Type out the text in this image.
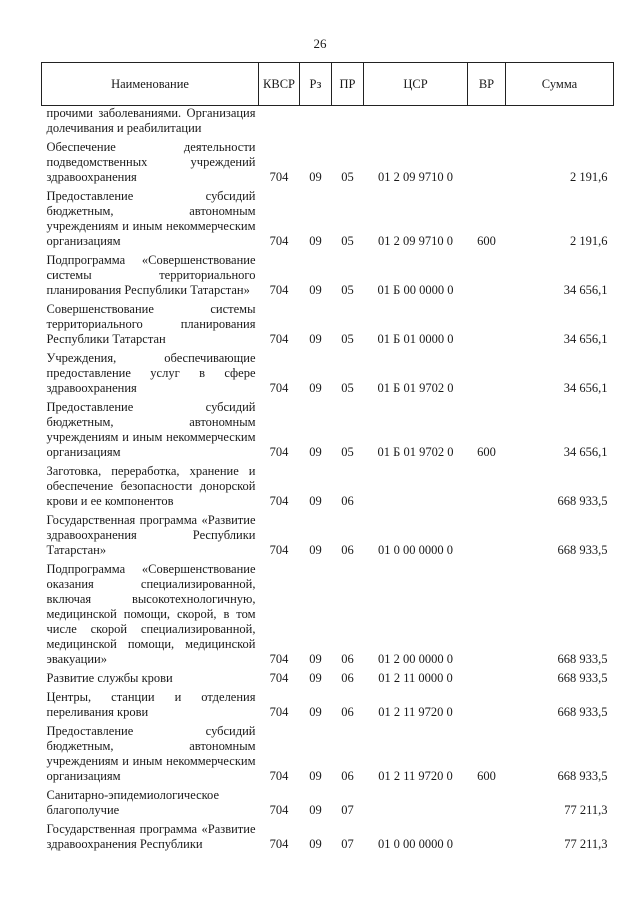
26
Наименование	КВСР	Рз	ПР	ЦСР	ВР	Сумма
прочими заболеваниями. Организация долечивания и реабилитации						
Обеспечение деятельности подведомственных учреждений здравоохранения	704	09	05	01 2 09 9710 0		2 191,6
Предоставление субсидий бюджетным, автономным учреждениям и иным некоммерческим организациям	704	09	05	01 2 09 9710 0	600	2 191,6
Подпрограмма «Совершенствование системы территориального планирования Республики Татарстан»	704	09	05	01 Б 00 0000 0		34 656,1
Совершенствование системы территориального планирования Республики Татарстан	704	09	05	01 Б 01 0000 0		34 656,1
Учреждения, обеспечивающие предоставление услуг в сфере здравоохранения	704	09	05	01 Б 01 9702 0		34 656,1
Предоставление субсидий бюджетным, автономным учреждениям и иным некоммерческим организациям	704	09	05	01 Б 01 9702 0	600	34 656,1
Заготовка, переработка, хранение и обеспечение безопасности донорской крови и ее компонентов	704	09	06			668 933,5
Государственная программа «Развитие здравоохранения Республики Татарстан»	704	09	06	01 0 00 0000 0		668 933,5
Подпрограмма «Совершенствование оказания специализированной, включая высокотехнологичную, медицинской помощи, скорой, в том числе скорой специализированной, медицинской помощи, медицинской эвакуации»	704	09	06	01 2 00 0000 0		668 933,5
Развитие службы крови	704	09	06	01 2 11 0000 0		668 933,5
Центры, станции и отделения переливания крови	704	09	06	01 2 11 9720 0		668 933,5
Предоставление субсидий бюджетным, автономным учреждениям и иным некоммерческим организациям	704	09	06	01 2 11 9720 0	600	668 933,5
Санитарно-эпидемиологическое благополучие	704	09	07			77 211,3
Государственная программа «Развитие здравоохранения Республики	704	09	07	01 0 00 0000 0		77 211,3
